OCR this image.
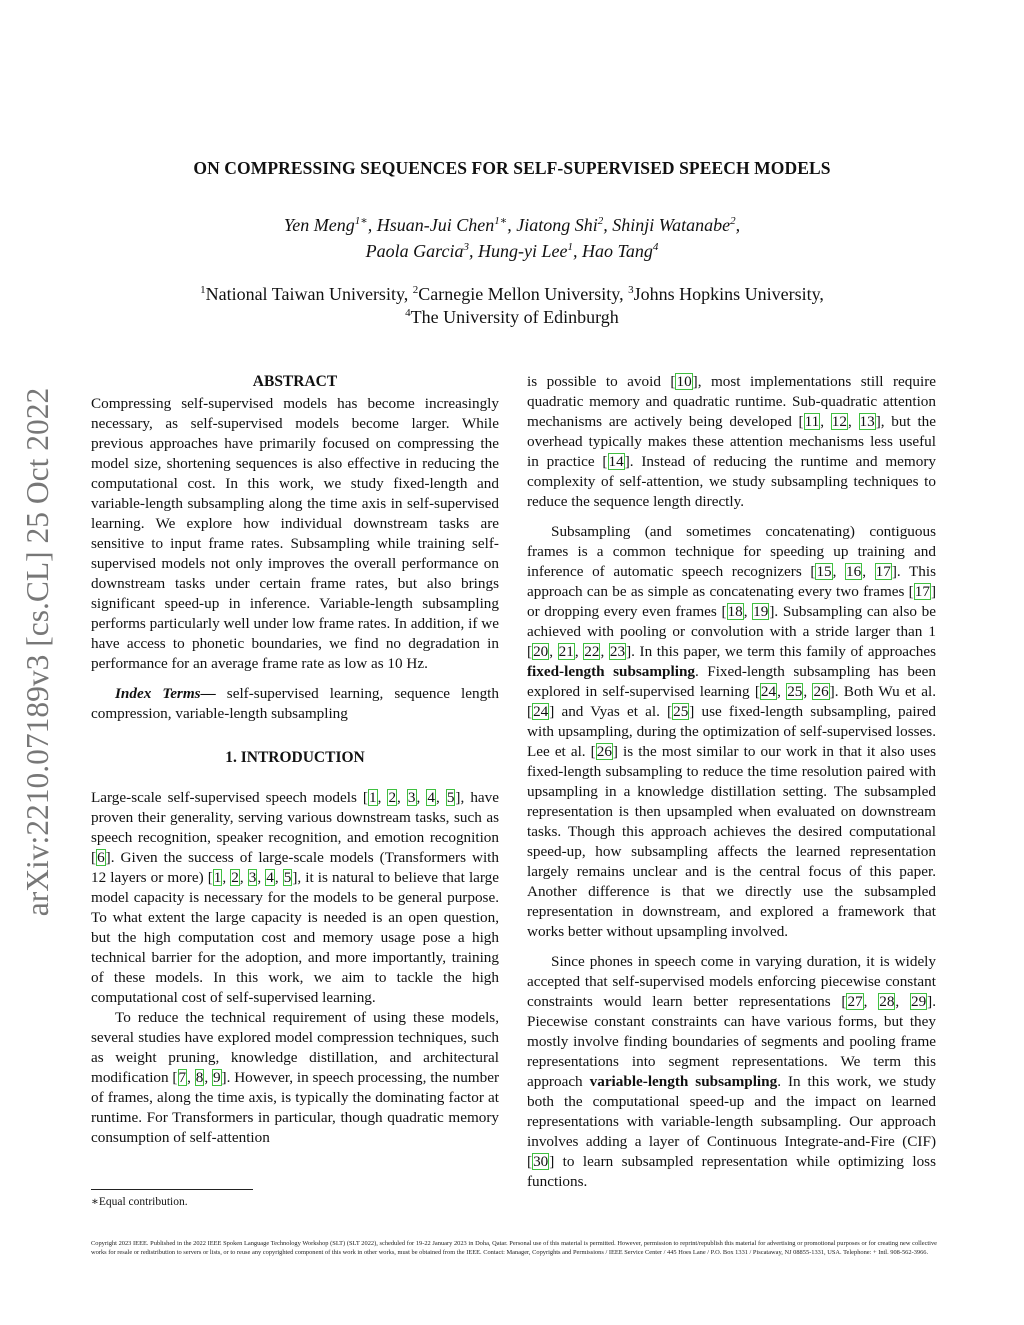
ON COMPRESSING SEQUENCES FOR SELF-SUPERVISED SPEECH MODELS
Yen Meng$^{1∗}$, Hsuan-Jui Chen$^{1∗}$, Jiatong Shi$^2$, Shinji Watanabe$^2$,
Paola Garcia$^3$, Hung-yi Lee$^1$, Hao Tang$^4$
$^1$National Taiwan University, $^2$Carnegie Mellon University, $^3$Johns Hopkins University,
$^4$The University of Edinburgh
arXiv:2210.07189v3 [cs.CL] 25 Oct 2022
ABSTRACT

Compressing self-supervised models has become increasingly necessary, as self-supervised models become larger. While previous approaches have primarily focused on compressing the model size, shortening sequences is also effective in reducing the computational cost. In this work, we study fixed-length and variable-length subsampling along the time axis in self-supervised learning. We explore how individual downstream tasks are sensitive to input frame rates. Subsampling while training self-supervised models not only improves the overall performance on downstream tasks under certain frame rates, but also brings significant speed-up in inference. Variable-length subsampling performs particularly well under low frame rates. In addition, if we have access to phonetic boundaries, we find no degradation in performance for an average frame rate as low as 10 Hz.

Index Terms— self-supervised learning, sequence length compression, variable-length subsampling

1. INTRODUCTION

Large-scale self-supervised speech models [1, 2, 3, 4, 5], have proven their generality, serving various downstream tasks, such as speech recognition, speaker recognition, and emotion recognition [6]. Given the success of large-scale models (Transformers with 12 layers or more) [1, 2, 3, 4, 5], it is natural to believe that large model capacity is necessary for the models to be general purpose. To what extent the large capacity is needed is an open question, but the high computation cost and memory usage pose a high technical barrier for the adoption, and more importantly, training of these models. In this work, we aim to tackle the high computational cost of self-supervised learning.

To reduce the technical requirement of using these models, several studies have explored model compression techniques, such as weight pruning, knowledge distillation, and architectural modification [7, 8, 9]. However, in speech processing, the number of frames, along the time axis, is typically the dominating factor at runtime. For Transformers in particular, though quadratic memory consumption of self-attention

is possible to avoid [10], most implementations still require quadratic memory and quadratic runtime. Sub-quadratic attention mechanisms are actively being developed [11, 12, 13], but the overhead typically makes these attention mechanisms less useful in practice [14]. Instead of reducing the runtime and memory complexity of self-attention, we study subsampling techniques to reduce the sequence length directly.

Subsampling (and sometimes concatenating) contiguous frames is a common technique for speeding up training and inference of automatic speech recognizers [15, 16, 17]. This approach can be as simple as concatenating every two frames [17] or dropping every even frames [18, 19]. Subsampling can also be achieved with pooling or convolution with a stride larger than 1 [20, 21, 22, 23]. In this paper, we term this family of approaches fixed-length subsampling. Fixed-length subsampling has been explored in self-supervised learning [24, 25, 26]. Both Wu et al. [24] and Vyas et al. [25] use fixed-length subsampling, paired with upsampling, during the optimization of self-supervised losses. Lee et al. [26] is the most similar to our work in that it also uses fixed-length subsampling to reduce the time resolution paired with upsampling in a knowledge distillation setting. The subsampled representation is then upsampled when evaluated on downstream tasks. Though this approach achieves the desired computational speed-up, how subsampling affects the learned representation largely remains unclear and is the central focus of this paper. Another difference is that we directly use the subsampled representation in downstream, and explored a framework that works better without upsampling involved.

Since phones in speech come in varying duration, it is widely accepted that self-supervised models enforcing piecewise constant constraints would learn better representations [27, 28, 29]. Piecewise constant constraints can have various forms, but they mostly involve finding boundaries of segments and pooling frame representations into segment representations. We term this approach variable-length subsampling. In this work, we study both the computational speed-up and the impact on learned representations with variable-length subsampling. Our approach involves adding a layer of Continuous Integrate-and-Fire (CIF) [30] to learn subsampled representation while optimizing loss functions.

∗Equal contribution.
Copyright 2023 IEEE. Published in the 2022 IEEE Spoken Language Technology Workshop (SLT) (SLT 2022), scheduled for 19-22 January 2023 in Doha, Qatar. Personal use of this material is permitted. However, permission to reprint/republish this material for advertising or promotional purposes or for creating new collective works for resale or redistribution to servers or lists, or to reuse any copyrighted component of this work in other works, must be obtained from the IEEE. Contact: Manager, Copyrights and Permissions / IEEE Service Center / 445 Hoes Lane / P.O. Box 1331 / Piscataway, NJ 08855-1331, USA. Telephone: + Intl. 908-562-3966.
